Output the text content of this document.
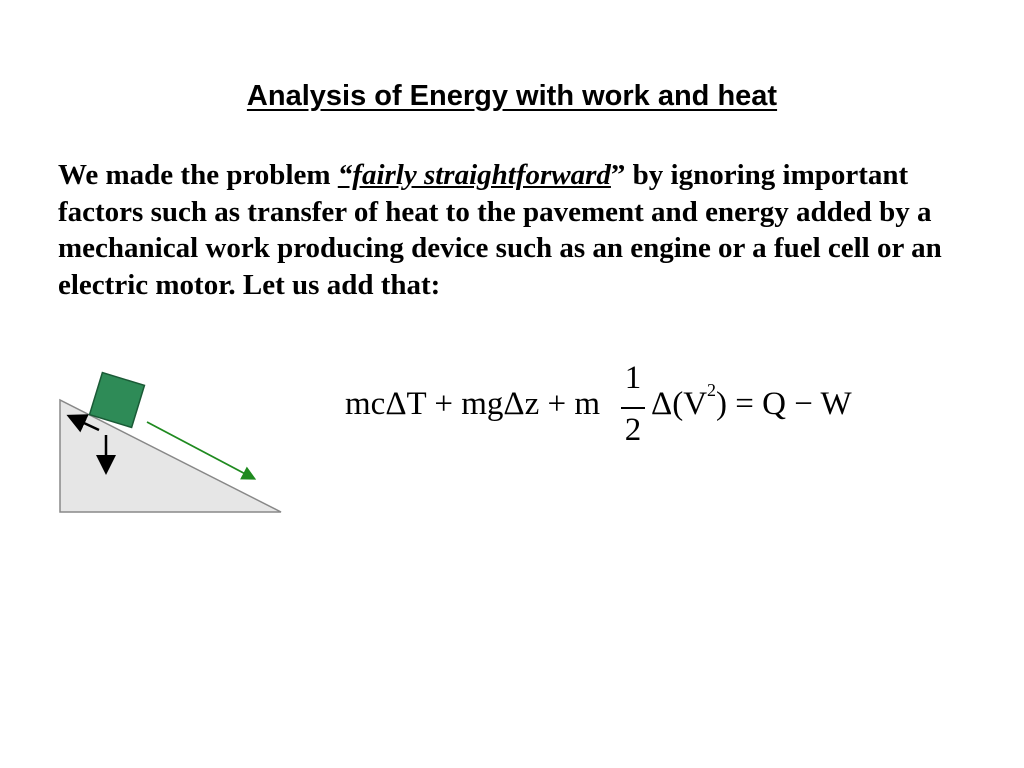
Analysis of Energy with work and heat
We made the problem “fairly straightforward” by ignoring important factors such as transfer of heat to the pavement and energy added by a mechanical work producing device such as an engine or a fuel cell or an electric motor. Let us add that:
mcΔT + mgΔz + m
1
2
$\Delta(V^2) = Q - W$
